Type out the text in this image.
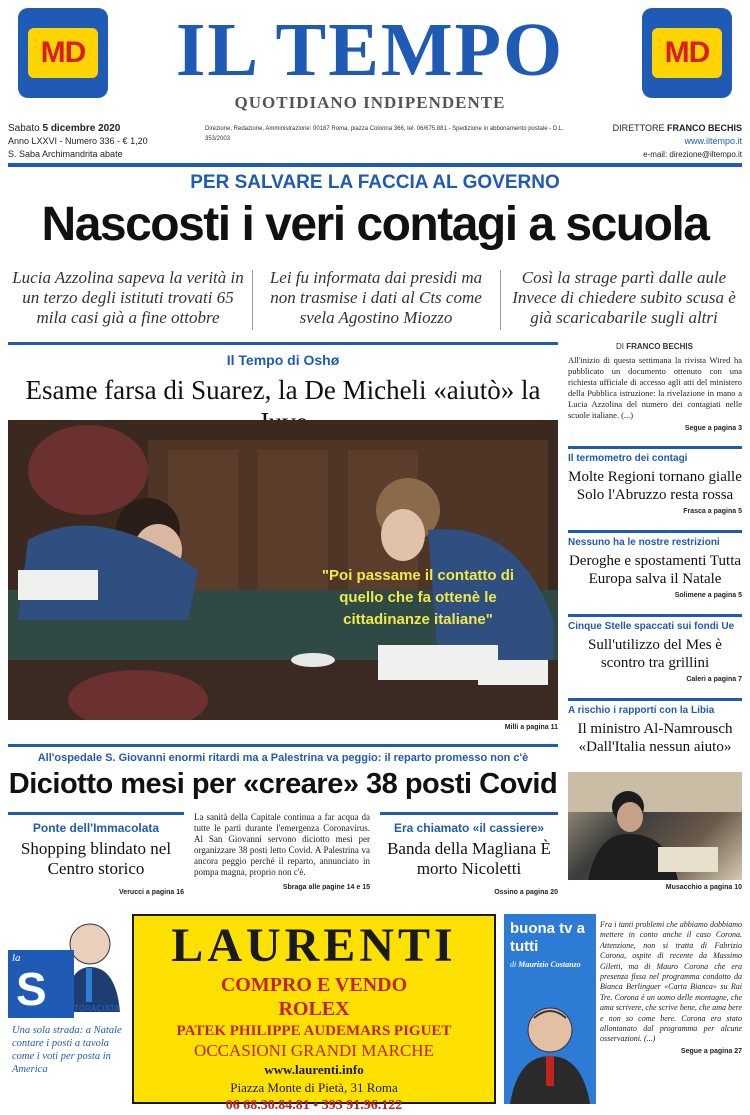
MD	MD
IL TEMPO
QUOTIDIANO INDIPENDENTE
Sabato 5 dicembre 2020
Anno LXXVI - Numero 336 - € 1,20
S. Saba Archimandrita abate
Direzione, Redazione, Amministrazione: 00187 Roma, piazza Colonna 366, tel. 06/675.881 - Spedizione in abbonamento postale - D.L. 353/2003
DIRETTORE FRANCO BECHIS
www.iltempo.it
e-mail: direzione@iltempo.it
PER SALVARE LA FACCIA AL GOVERNO
Nascosti i veri contagi a scuola
Lucia Azzolina sapeva la verità in un terzo degli istituti trovati 65 mila casi già a fine ottobre
Lei fu informata dai presidi ma non trasmise i dati al Cts come svela Agostino Miozzo
Così la strage partì dalle aule Invece di chiedere subito scusa è già scaricabarile sugli altri
Il Tempo di Oshø
Esame farsa di Suarez, la De Micheli «aiutò» la
"Poi passame il contatto di quello che fa ottenè le cittadinanze italiane"
Milli a pagina 11
DI FRANCO BECHIS
All'inizio di questa settimana la rivista Wired ha pubblicato un documento ottenuto con una richiesta ufficiale di accesso agli atti del ministero della Pubblica istruzione: la rivelazione in mano a Lucia Azzolina del numero dei contagiati nelle scuole italiane. (...)
Segue a pagina 3
Il termometro dei contagi
Molte Regioni tornano gialle Solo l'Abruzzo resta rossa
Frasca a pagina 5
Nessuno ha le nostre restrizioni
Deroghe e spostamenti Tutta Europa salva il Natale
Solimene a pagina 5
Cinque Stelle spaccati sui fondi Ue
Sull'utilizzo del Mes è scontro tra grillini
Caleri a pagina 7
A rischio i rapporti con la Libia
Il ministro Al-Namrousch «Dall'Italia nessun aiuto»
Musacchio a pagina 10
All'ospedale S. Giovanni enormi ritardi ma a Palestrina va peggio: il reparto promesso non c'è
Diciotto mesi per «creare» 38 posti Covid
Ponte dell'Immacolata
Shopping blindato nel Centro storico
Verucci a pagina 16
La sanità della Capitale continua a far acqua da tutte le parti durante l'emergenza Coronavirus. Al San Giovanni servono diciotto mesi per organizzare 38 posti letto Covid. A Palestrina va ancora peggio perché il reparto, annunciato in pompa magna, proprio non c'è.
Sbraga alle pagine 14 e 15
Era chiamato «il cassiere»
Banda della Magliana È morto Nicoletti
Ossino a pagina 20
la
S	TORACIATA
Una sola strada: a Natale contare i posti a tavola come i voti per posta in America
LAURENTI
COMPRO E VENDO
ROLEX
PATEK PHILIPPE AUDEMARS PIGUET
OCCASIONI GRANDI MARCHE
www.laurenti.info
Piazza Monte di Pietà, 31 Roma
06 68.30.84.81 • 393 91.96.122
buona tv a tutti
di Maurizio Costanzo
Fra i tanti problemi che abbiamo dobbiamo mettere in conto anche il caso Corona. Attenzione, non si tratta di Fabrizio Corona, ospite di recente da Massimo Giletti, ma di Mauro Corona che era presenza fissa nel programma condotto da Bianca Berlinguer «Carta Bianca» su Rai Tre. Corona è un uomo delle montagne, che ama scrivere, che scrive bene, che ama bere e non so come bere. Corona era stato allontanato dal programma per alcune osservazioni. (...)
Segue a pagina 27
